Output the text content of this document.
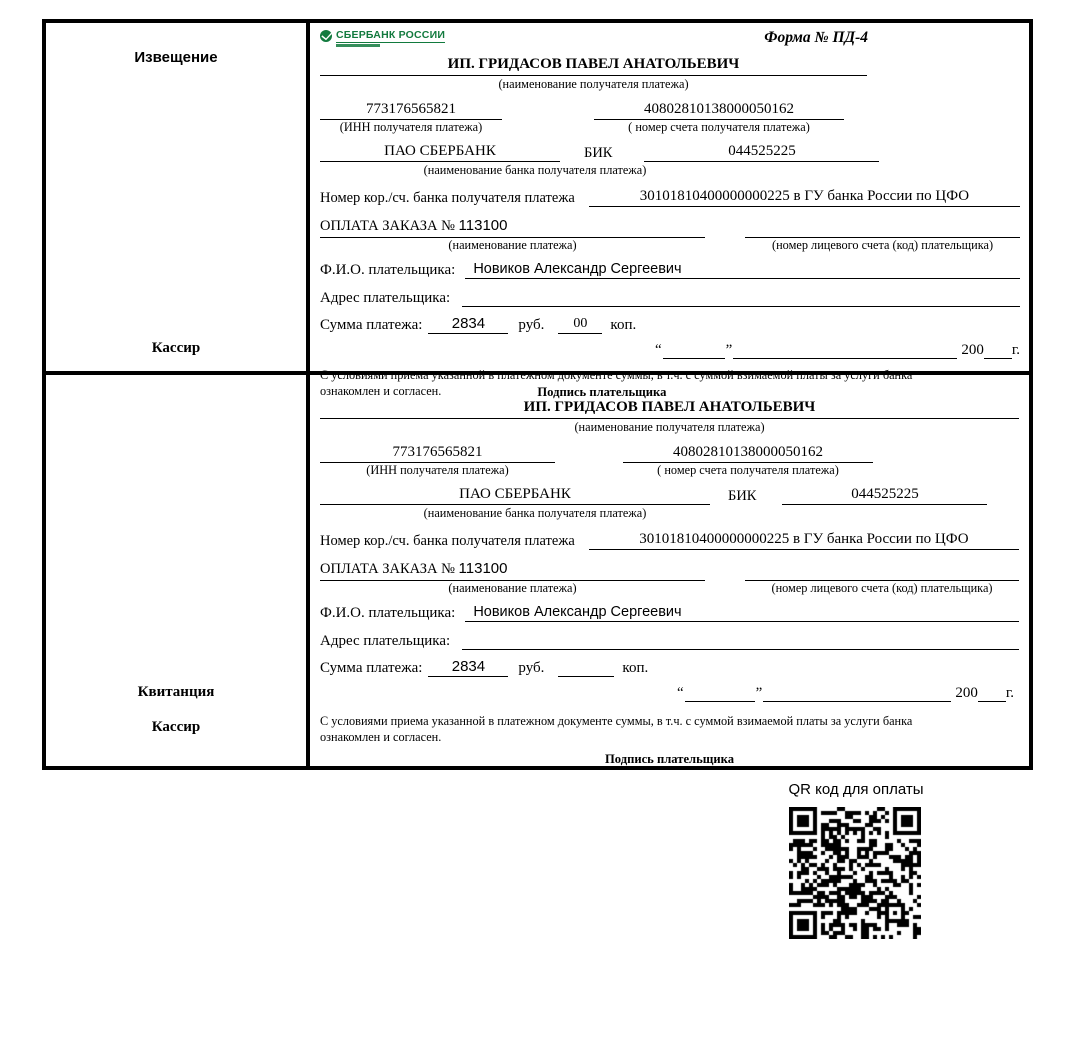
Извещение
Кассир
СБЕРБАНК РОССИИ	Форма № ПД-4
ИП. ГРИДАСОВ ПАВЕЛ АНАТОЛЬЕВИЧ
(наименование получателя платежа)
773176565821	40802810138000050162
(ИНН получателя платежа)	( номер счета получателя платежа)
ПАО СБЕРБАНК	БИК	044525225
(наименование банка получателя платежа)
Номер кор./сч. банка получателя платежа	30101810400000000225 в ГУ банка России по ЦФО
ОПЛАТА ЗАКАЗА № 113100
(наименование платежа)	(номер лицевого счета (код) плательщика)
Ф.И.О. плательщика:	Новиков Александр Сергеевич
Адрес плательщика:
Сумма платежа:	2834	руб.	00	коп.
“	”	200 г.
С условиями приема указанной в платежном документе суммы, в т.ч. с суммой взимаемой платы за услуги банка
ознакомлен и согласен.	Подпись плательщика
Квитанция
Кассир
ИП. ГРИДАСОВ ПАВЕЛ АНАТОЛЬЕВИЧ
(наименование получателя платежа)
773176565821	40802810138000050162
(ИНН получателя платежа)	( номер счета получателя платежа)
ПАО СБЕРБАНК	БИК	044525225
(наименование банка получателя платежа)
Номер кор./сч. банка получателя платежа	30101810400000000225 в ГУ банка России по ЦФО
ОПЛАТА ЗАКАЗА № 113100
(наименование платежа)	(номер лицевого счета (код) плательщика)
Ф.И.О. плательщика:	Новиков Александр Сергеевич
Адрес плательщика:
Сумма платежа:	2834	руб.	коп.
“	”	200 г.
С условиями приема указанной в платежном документе суммы, в т.ч. с суммой взимаемой платы за услуги банка
ознакомлен и согласен.
Подпись плательщика
QR код для оплаты
